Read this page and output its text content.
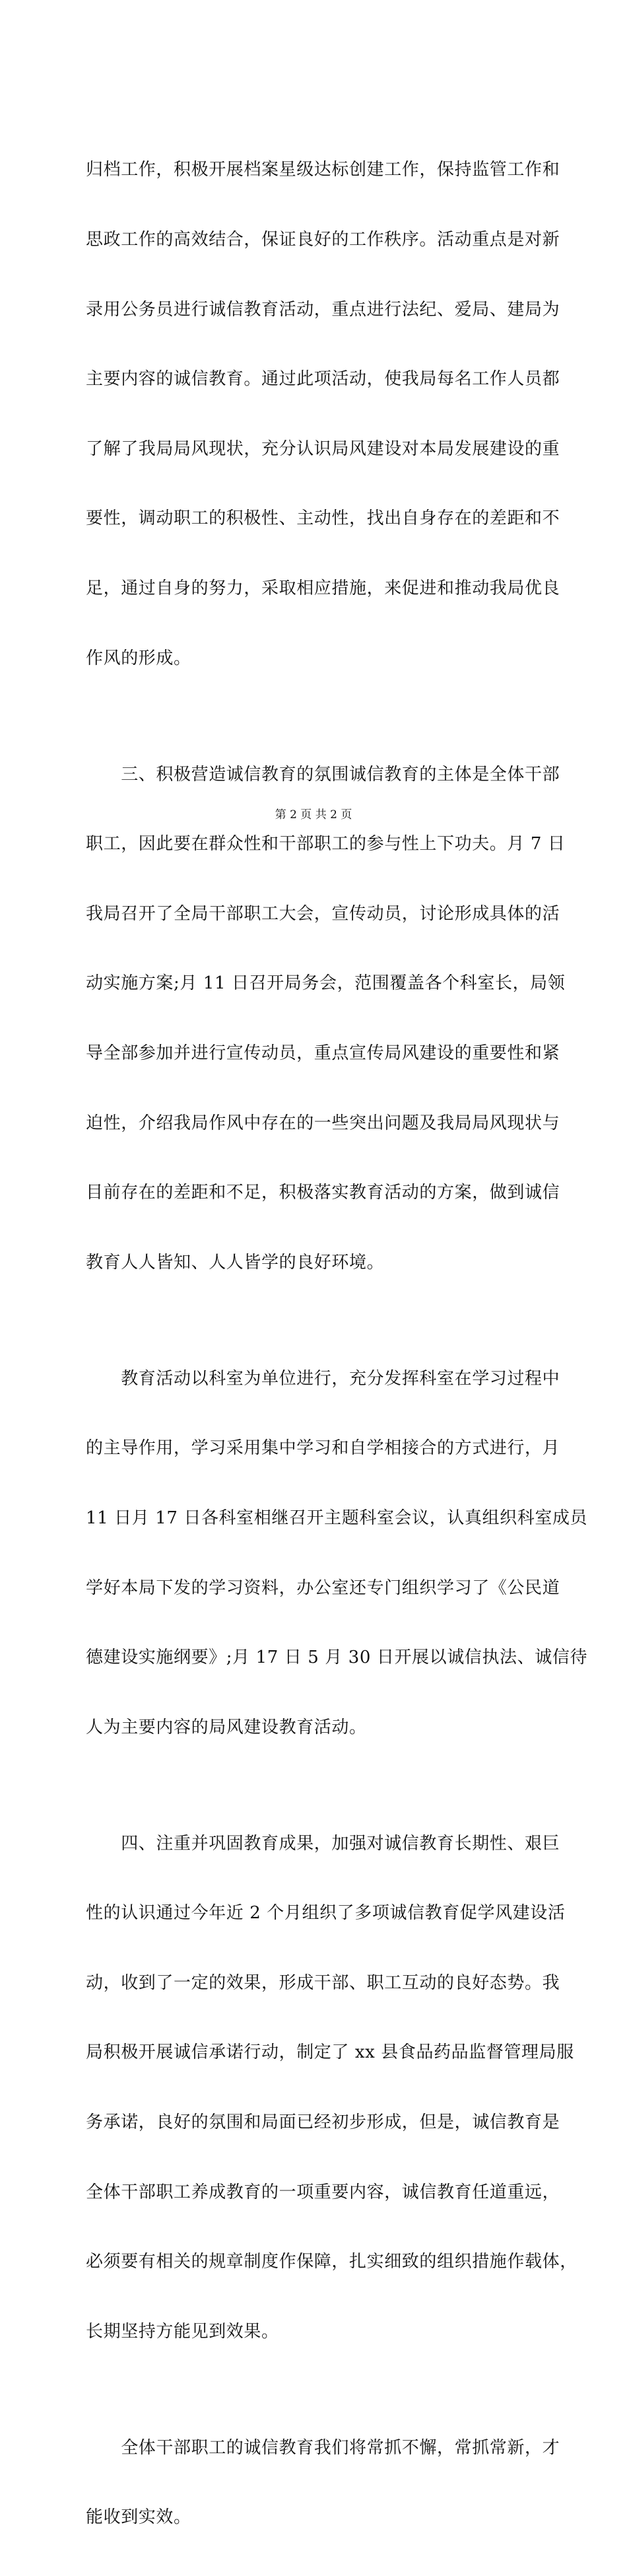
归档工作，积极开展档案星级达标创建工作，保持监管工作和

思政工作的高效结合，保证良好的工作秩序。活动重点是对新

录用公务员进行诚信教育活动，重点进行法纪、爱局、建局为

主要内容的诚信教育。通过此项活动，使我局每名工作人员都

了解了我局局风现状，充分认识局风建设对本局发展建设的重

要性，调动职工的积极性、主动性，找出自身存在的差距和不

足，通过自身的努力，采取相应措施，来促进和推动我局优良

作风的形成。

　　三、积极营造诚信教育的氛围诚信教育的主体是全体干部

职工，因此要在群众性和干部职工的参与性上下功夫。月 7 日

我局召开了全局干部职工大会，宣传动员，讨论形成具体的活

动实施方案;月 11 日召开局务会，范围覆盖各个科室长，局领

导全部参加并进行宣传动员，重点宣传局风建设的重要性和紧

迫性，介绍我局作风中存在的一些突出问题及我局局风现状与

目前存在的差距和不足，积极落实教育活动的方案，做到诚信

教育人人皆知、人人皆学的良好环境。

　　教育活动以科室为单位进行，充分发挥科室在学习过程中

的主导作用，学习采用集中学习和自学相接合的方式进行，月

11 日月 17 日各科室相继召开主题科室会议，认真组织科室成员

学好本局下发的学习资料，办公室还专门组织学习了《公民道

德建设实施纲要》;月 17 日 5 月 30 日开展以诚信执法、诚信待

人为主要内容的局风建设教育活动。

　　四、注重并巩固教育成果，加强对诚信教育长期性、艰巨

性的认识通过今年近 2 个月组织了多项诚信教育促学风建设活

动，收到了一定的效果，形成干部、职工互动的良好态势。我

局积极开展诚信承诺行动，制定了 xx 县食品药品监督管理局服

务承诺，良好的氛围和局面已经初步形成，但是，诚信教育是

全体干部职工养成教育的一项重要内容，诚信教育任道重远，

必须要有相关的规章制度作保障，扎实细致的组织措施作载体，

长期坚持方能见到效果。

　　全体干部职工的诚信教育我们将常抓不懈，常抓常新，才

能收到实效。

第 2 页 共 2 页
